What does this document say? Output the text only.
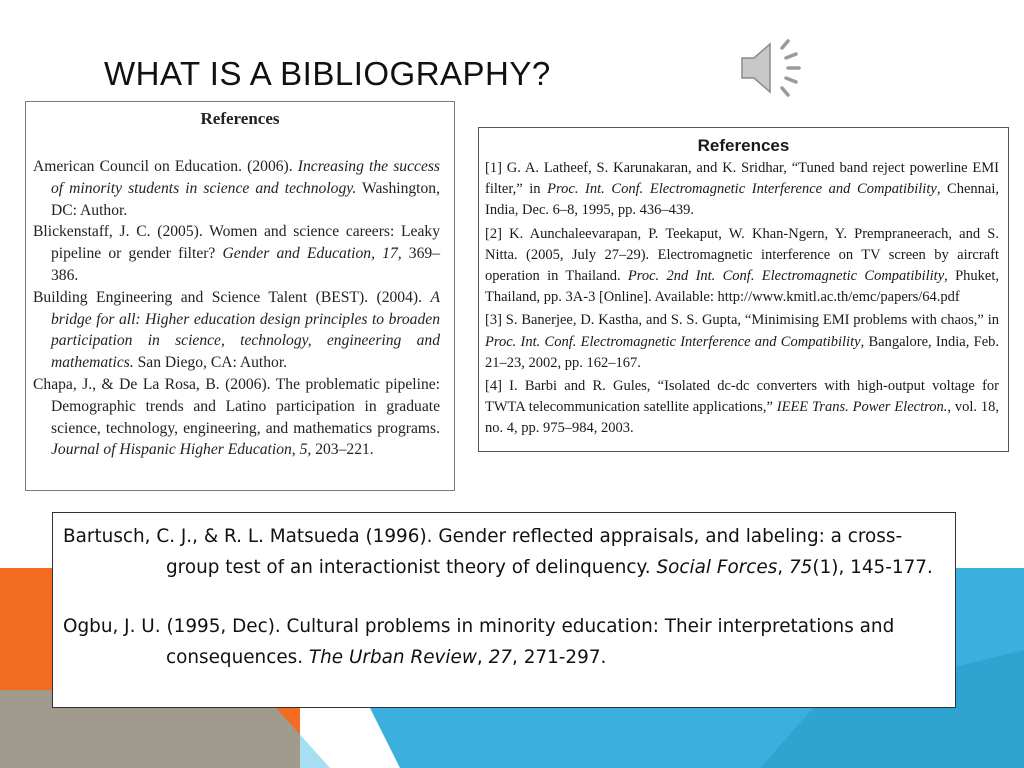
WHAT IS A BIBLIOGRAPHY?
References

American Council on Education. (2006). Increasing the success of minority students in science and technology. Washington, DC: Author.

Blickenstaff, J. C. (2005). Women and science careers: Leaky pipeline or gender filter? Gender and Education, 17, 369–386.

Building Engineering and Science Talent (BEST). (2004). A bridge for all: Higher education design principles to broaden participation in science, technology, engineering and mathematics. San Diego, CA: Author.

Chapa, J., & De La Rosa, B. (2006). The problematic pipeline: Demographic trends and Latino participation in graduate science, technology, engineering, and mathematics programs. Journal of Hispanic Higher Education, 5, 203–221.

References

[1] G. A. Latheef, S. Karunakaran, and K. Sridhar, “Tuned band reject powerline EMI filter,” in Proc. Int. Conf. Electromagnetic Interference and Compatibility, Chennai, India, Dec. 6–8, 1995, pp. 436–439.

[2] K. Aunchaleevarapan, P. Teekaput, W. Khan-Ngern, Y. Prempraneerach, and S. Nitta. (2005, July 27–29). Electromagnetic interference on TV screen by aircraft operation in Thailand. Proc. 2nd Int. Conf. Electromagnetic Compatibility, Phuket, Thailand, pp. 3A-3 [Online]. Available: http://www.kmitl.ac.th/emc/papers/64.pdf

[3] S. Banerjee, D. Kastha, and S. S. Gupta, “Minimising EMI problems with chaos,” in Proc. Int. Conf. Electromagnetic Interference and Compatibility, Bangalore, India, Feb. 21–23, 2002, pp. 162–167.

[4] I. Barbi and R. Gules, “Isolated dc-dc converters with high-output voltage for TWTA telecommunication satellite applications,” IEEE Trans. Power Electron., vol. 18, no. 4, pp. 975–984, 2003.

Bartusch, C. J., & R. L. Matsueda (1996). Gender reflected appraisals, and labeling: a cross-group test of an interactionist theory of delinquency. Social Forces, 75(1), 145-177.

Ogbu, J. U. (1995, Dec). Cultural problems in minority education: Their interpretations and consequences. The Urban Review, 27, 271-297.
